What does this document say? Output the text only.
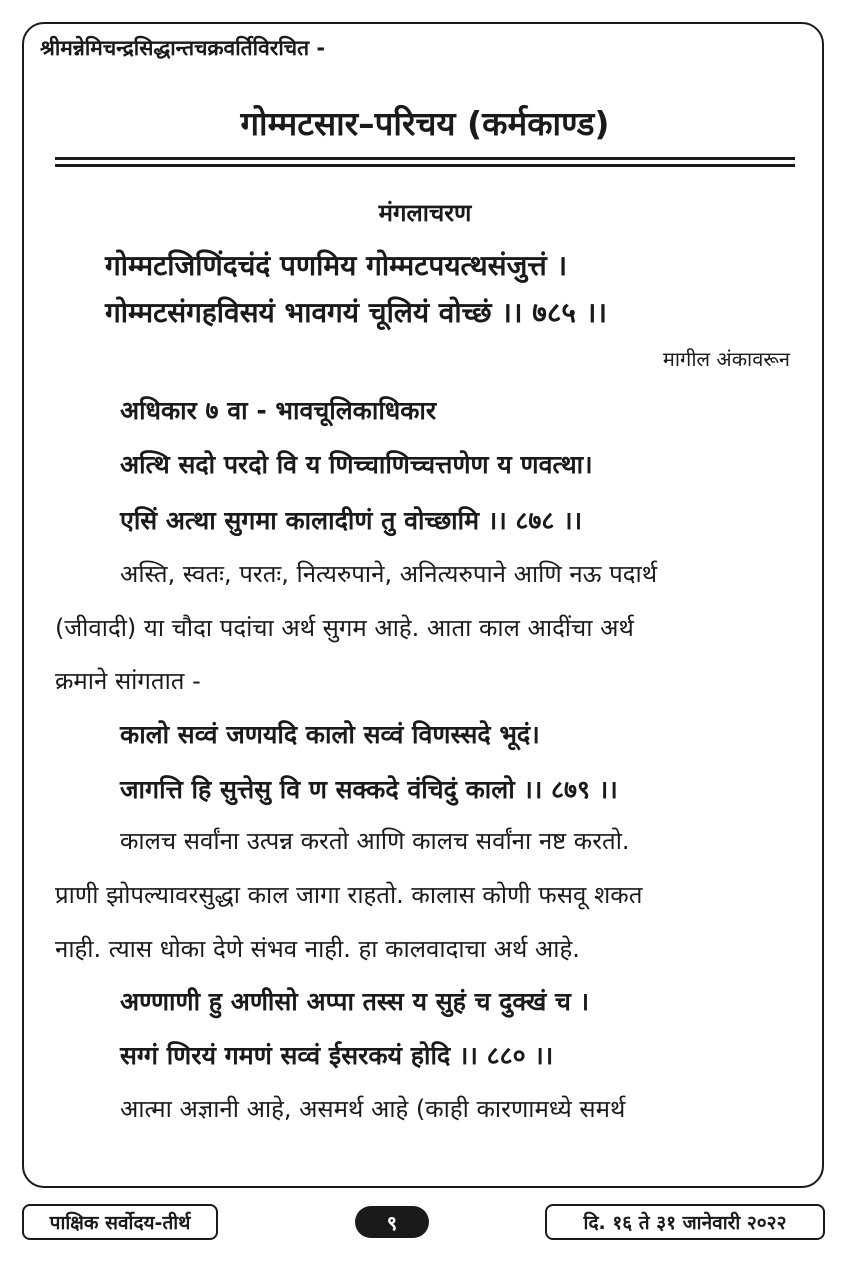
श्रीमन्नेमिचन्द्रसिद्धान्तचक्रवर्तिविरचित -
गोम्मटसार–परिचय (कर्मकाण्ड)
मंगलाचरण
गोम्मटजिणिंदचंदं पणमिय गोम्मटपयत्थसंजुत्तं ।
गोम्मटसंगहविसयं भावगयं चूलियं वोच्छं ।। ७८५ ।।
मागील अंकावरून
अधिकार ७ वा - भावचूलिकाधिकार
अत्थि सदो परदो वि य णिच्चाणिच्चत्तणेण य णवत्था।
एसिं अत्था सुगमा कालादीणं तु वोच्छामि ।। ८७८ ।।
अस्ति, स्वतः, परतः, नित्यरुपाने, अनित्यरुपाने आणि नऊ पदार्थ
(जीवादी) या चौदा पदांचा अर्थ सुगम आहे. आता काल आदींचा अर्थ
क्रमाने सांगतात -
कालो सव्वं जणयदि कालो सव्वं विणस्सदे भूदं।
जागत्ति हि सुत्तेसु वि ण सक्कदे वंचिदुं कालो ।। ८७९ ।।
कालच सर्वांना उत्पन्न करतो आणि कालच सर्वांना नष्ट करतो.
प्राणी झोपल्यावरसुद्धा काल जागा राहतो. कालास कोणी फसवू शकत
नाही. त्यास धोका देणे संभव नाही. हा कालवादाचा अर्थ आहे.
अण्णाणी हु अणीसो अप्पा तस्स य सुहं च दुक्खं च ।
सग्गं णिरयं गमणं सव्वं ईसरकयं होदि ।। ८८० ।।
आत्मा अज्ञानी आहे, असमर्थ आहे (काही कारणामध्ये समर्थ
पाक्षिक सर्वोदय-तीर्थ	९	दि. १६ ते ३१ जानेवारी २०२२
